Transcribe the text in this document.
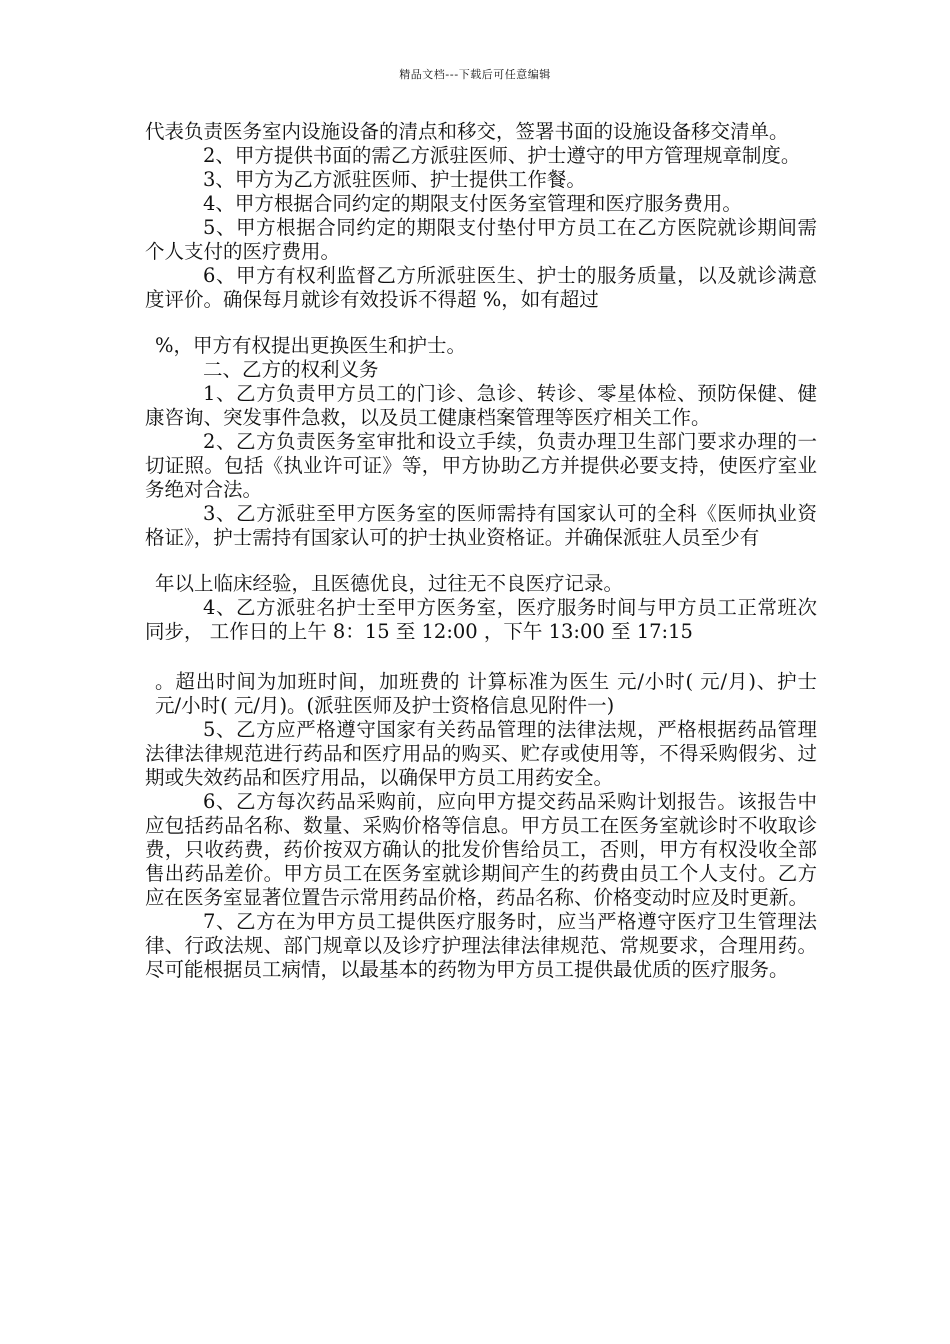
精品文档---下载后可任意编辑

代表负责医务室内设施设备的清点和移交，签署书面的设施设备移交清单。

2、甲方提供书面的需乙方派驻医师、护士遵守的甲方管理规章制度。

3、甲方为乙方派驻医师、护士提供工作餐。

4、甲方根据合同约定的期限支付医务室管理和医疗服务费用。

5、甲方根据合同约定的期限支付垫付甲方员工在乙方医院就诊期间需个人支付的医疗费用。

6、甲方有权利监督乙方所派驻医生、护士的服务质量，以及就诊满意度评价。确保每月就诊有效投诉不得超 %，如有超过

%，甲方有权提出更换医生和护士。

二、乙方的权利义务

1、乙方负责甲方员工的门诊、急诊、转诊、零星体检、预防保健、健康咨询、突发事件急救，以及员工健康档案管理等医疗相关工作。

2、乙方负责医务室审批和设立手续，负责办理卫生部门要求办理的一切证照。包括《执业许可证》等，甲方协助乙方并提供必要支持，使医疗室业务绝对合法。

3、乙方派驻至甲方医务室的医师需持有国家认可的全科《医师执业资格证》，护士需持有国家认可的护士执业资格证。并确保派驻人员至少有

年以上临床经验，且医德优良，过往无不良医疗记录。

4、乙方派驻名护士至甲方医务室，医疗服务时间与甲方员工正常班次同步， 工作日的上午 8：15 至 12:00 ，下午 13:00 至 17:15

。超出时间为加班时间，加班费的 计算标准为医生 元/小时( 元/月)、护士 元/小时( 元/月)。(派驻医师及护士资格信息见附件一)

5、乙方应严格遵守国家有关药品管理的法律法规，严格根据药品管理法律法律规范进行药品和医疗用品的购买、贮存或使用等，不得采购假劣、过期或失效药品和医疗用品，以确保甲方员工用药安全。

6、乙方每次药品采购前，应向甲方提交药品采购计划报告。该报告中应包括药品名称、数量、采购价格等信息。甲方员工在医务室就诊时不收取诊费，只收药费，药价按双方确认的批发价售给员工，否则，甲方有权没收全部售出药品差价。甲方员工在医务室就诊期间产生的药费由员工个人支付。乙方应在医务室显著位置告示常用药品价格，药品名称、价格变动时应及时更新。

7、乙方在为甲方员工提供医疗服务时，应当严格遵守医疗卫生管理法律、行政法规、部门规章以及诊疗护理法律法律规范、常规要求，合理用药。尽可能根据员工病情，以最基本的药物为甲方员工提供最优质的医疗服务。
